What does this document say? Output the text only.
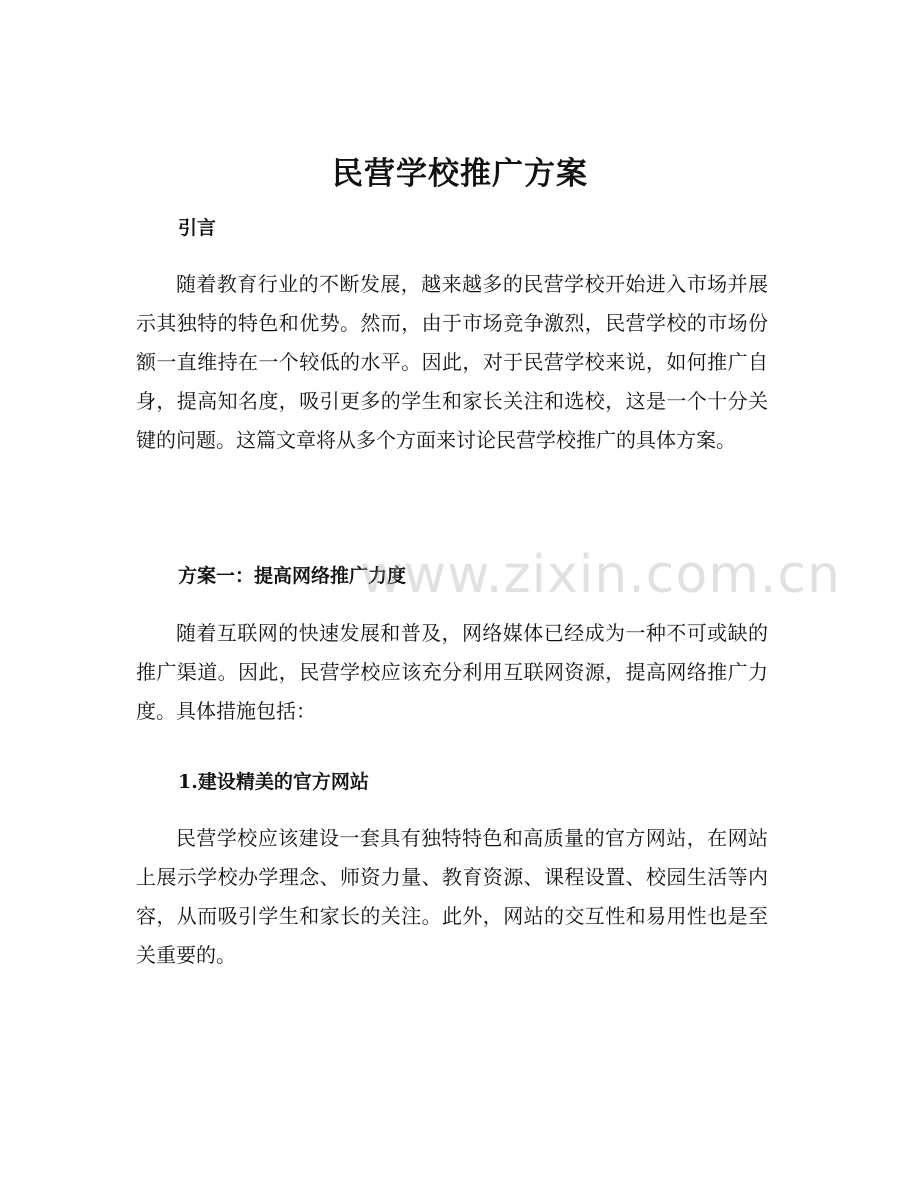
民营学校推广方案
引言

随着教育行业的不断发展，越来越多的民营学校开始进入市场并展示其独特的特色和优势。然而，由于市场竞争激烈，民营学校的市场份额一直维持在一个较低的水平。因此，对于民营学校来说，如何推广自身，提高知名度，吸引更多的学生和家长关注和选校，这是一个十分关键的问题。这篇文章将从多个方面来讨论民营学校推广的具体方案。

方案一：提高网络推广力度

随着互联网的快速发展和普及，网络媒体已经成为一种不可或缺的推广渠道。因此，民营学校应该充分利用互联网资源，提高网络推广力度。具体措施包括：

1.建设精美的官方网站

民营学校应该建设一套具有独特特色和高质量的官方网站，在网站上展示学校办学理念、师资力量、教育资源、课程设置、校园生活等内容，从而吸引学生和家长的关注。此外，网站的交互性和易用性也是至关重要的。

www.zixin.com.cn
